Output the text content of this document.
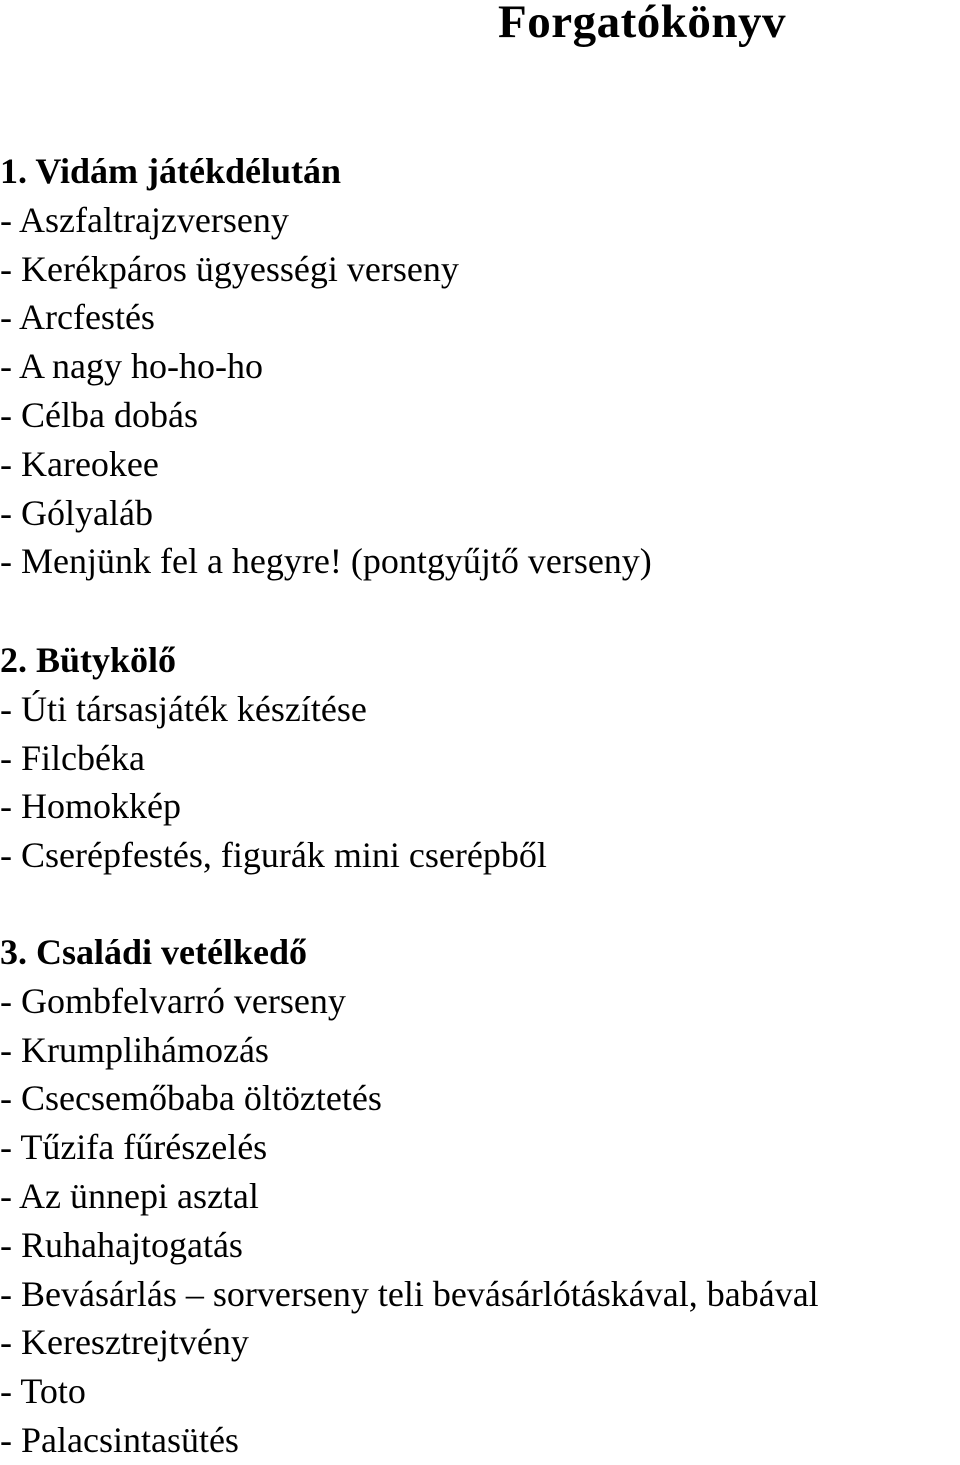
Forgatókönyv
1. Vidám játékdélután
- Aszfaltrajzverseny
- Kerékpáros ügyességi verseny
- Arcfestés
- A nagy ho-ho-ho
- Célba dobás
- Kareokee
- Gólyaláb
- Menjünk fel a hegyre! (pontgyűjtő verseny)
2. Bütykölő
- Úti társasjáték készítése
- Filcbéka
- Homokkép
- Cserépfestés, figurák mini cserépből
3. Családi vetélkedő
- Gombfelvarró verseny
- Krumplihámozás
- Csecsemőbaba öltöztetés
- Tűzifa fűrészelés
- Az ünnepi asztal
- Ruhahajtogatás
- Bevásárlás – sorverseny teli bevásárlótáskával, babával
- Keresztrejtvény
- Toto
- Palacsintasütés
